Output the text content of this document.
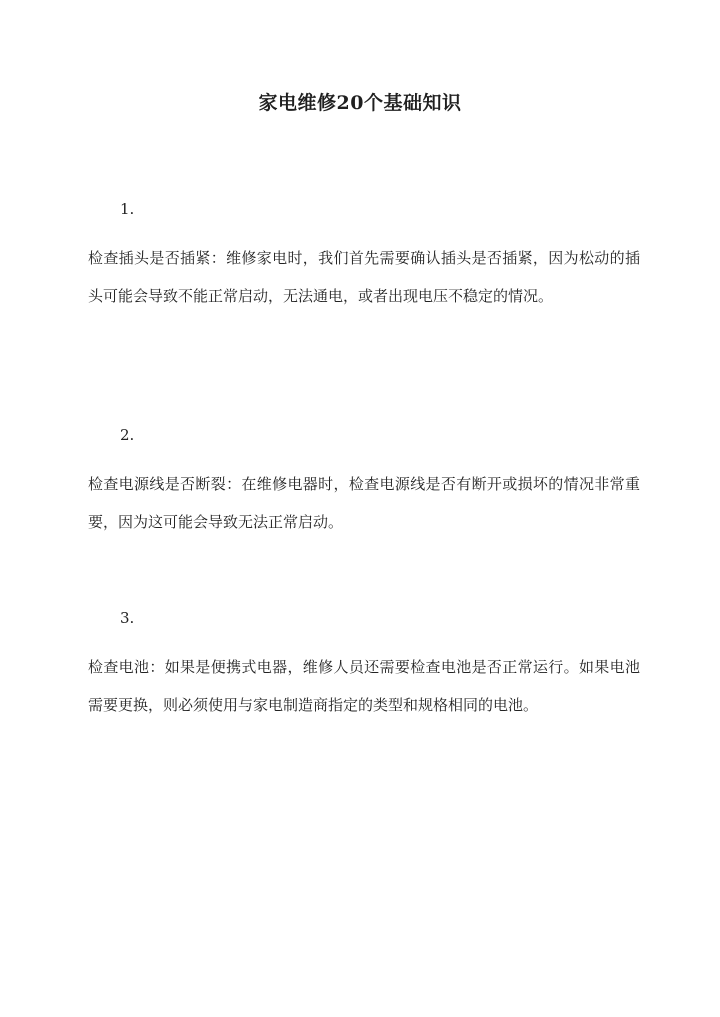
家电维修20个基础知识
1.
检查插头是否插紧：维修家电时，我们首先需要确认插头是否插紧，因为松动的插头可能会导致不能正常启动，无法通电，或者出现电压不稳定的情况。
2.
检查电源线是否断裂：在维修电器时，检查电源线是否有断开或损坏的情况非常重要，因为这可能会导致无法正常启动。
3.
检查电池：如果是便携式电器，维修人员还需要检查电池是否正常运行。如果电池需要更换，则必须使用与家电制造商指定的类型和规格相同的电池。
